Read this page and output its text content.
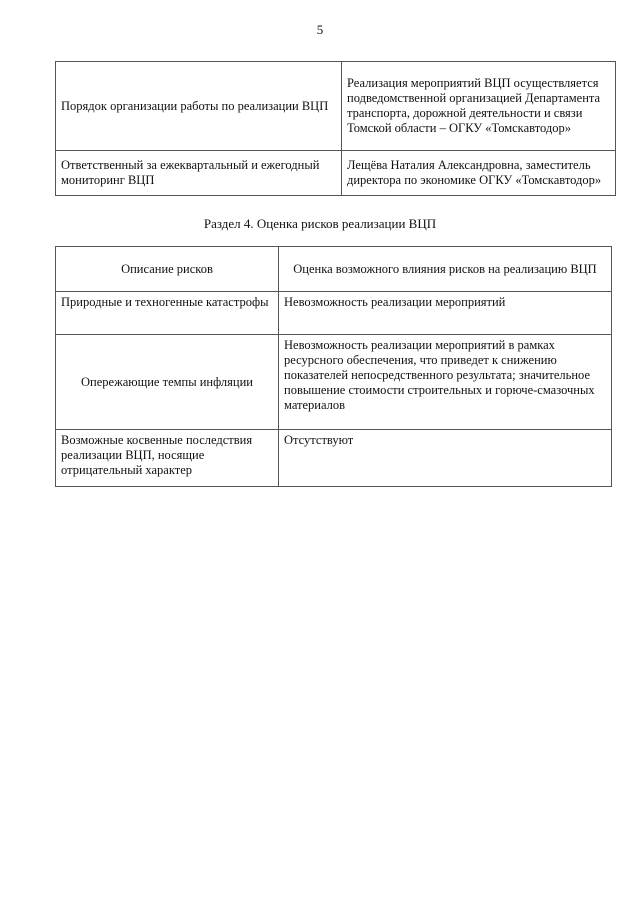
5
Порядок организации работы по реализации ВЦП	Реализация мероприятий ВЦП осуществляется подведомственной организацией Департамента транспорта, дорожной деятельности и связи Томской области – ОГКУ «Томскавтодор»
Ответственный за ежеквартальный и ежегодный мониторинг ВЦП	Лещёва Наталия Александровна, заместитель директора по экономике ОГКУ «Томскавтодор»
Раздел 4. Оценка рисков реализации ВЦП
Описание рисков	Оценка возможного влияния рисков на реализацию ВЦП
Природные и техногенные катастрофы	Невозможность реализации мероприятий
Опережающие темпы инфляции	Невозможность реализации мероприятий в рамках ресурсного обеспечения, что приведет к снижению показателей непосредственного результата; значительное повышение стоимости строительных и горюче-смазочных материалов
Возможные косвенные последствия реализации ВЦП, носящие отрицательный характер	Отсутствуют
